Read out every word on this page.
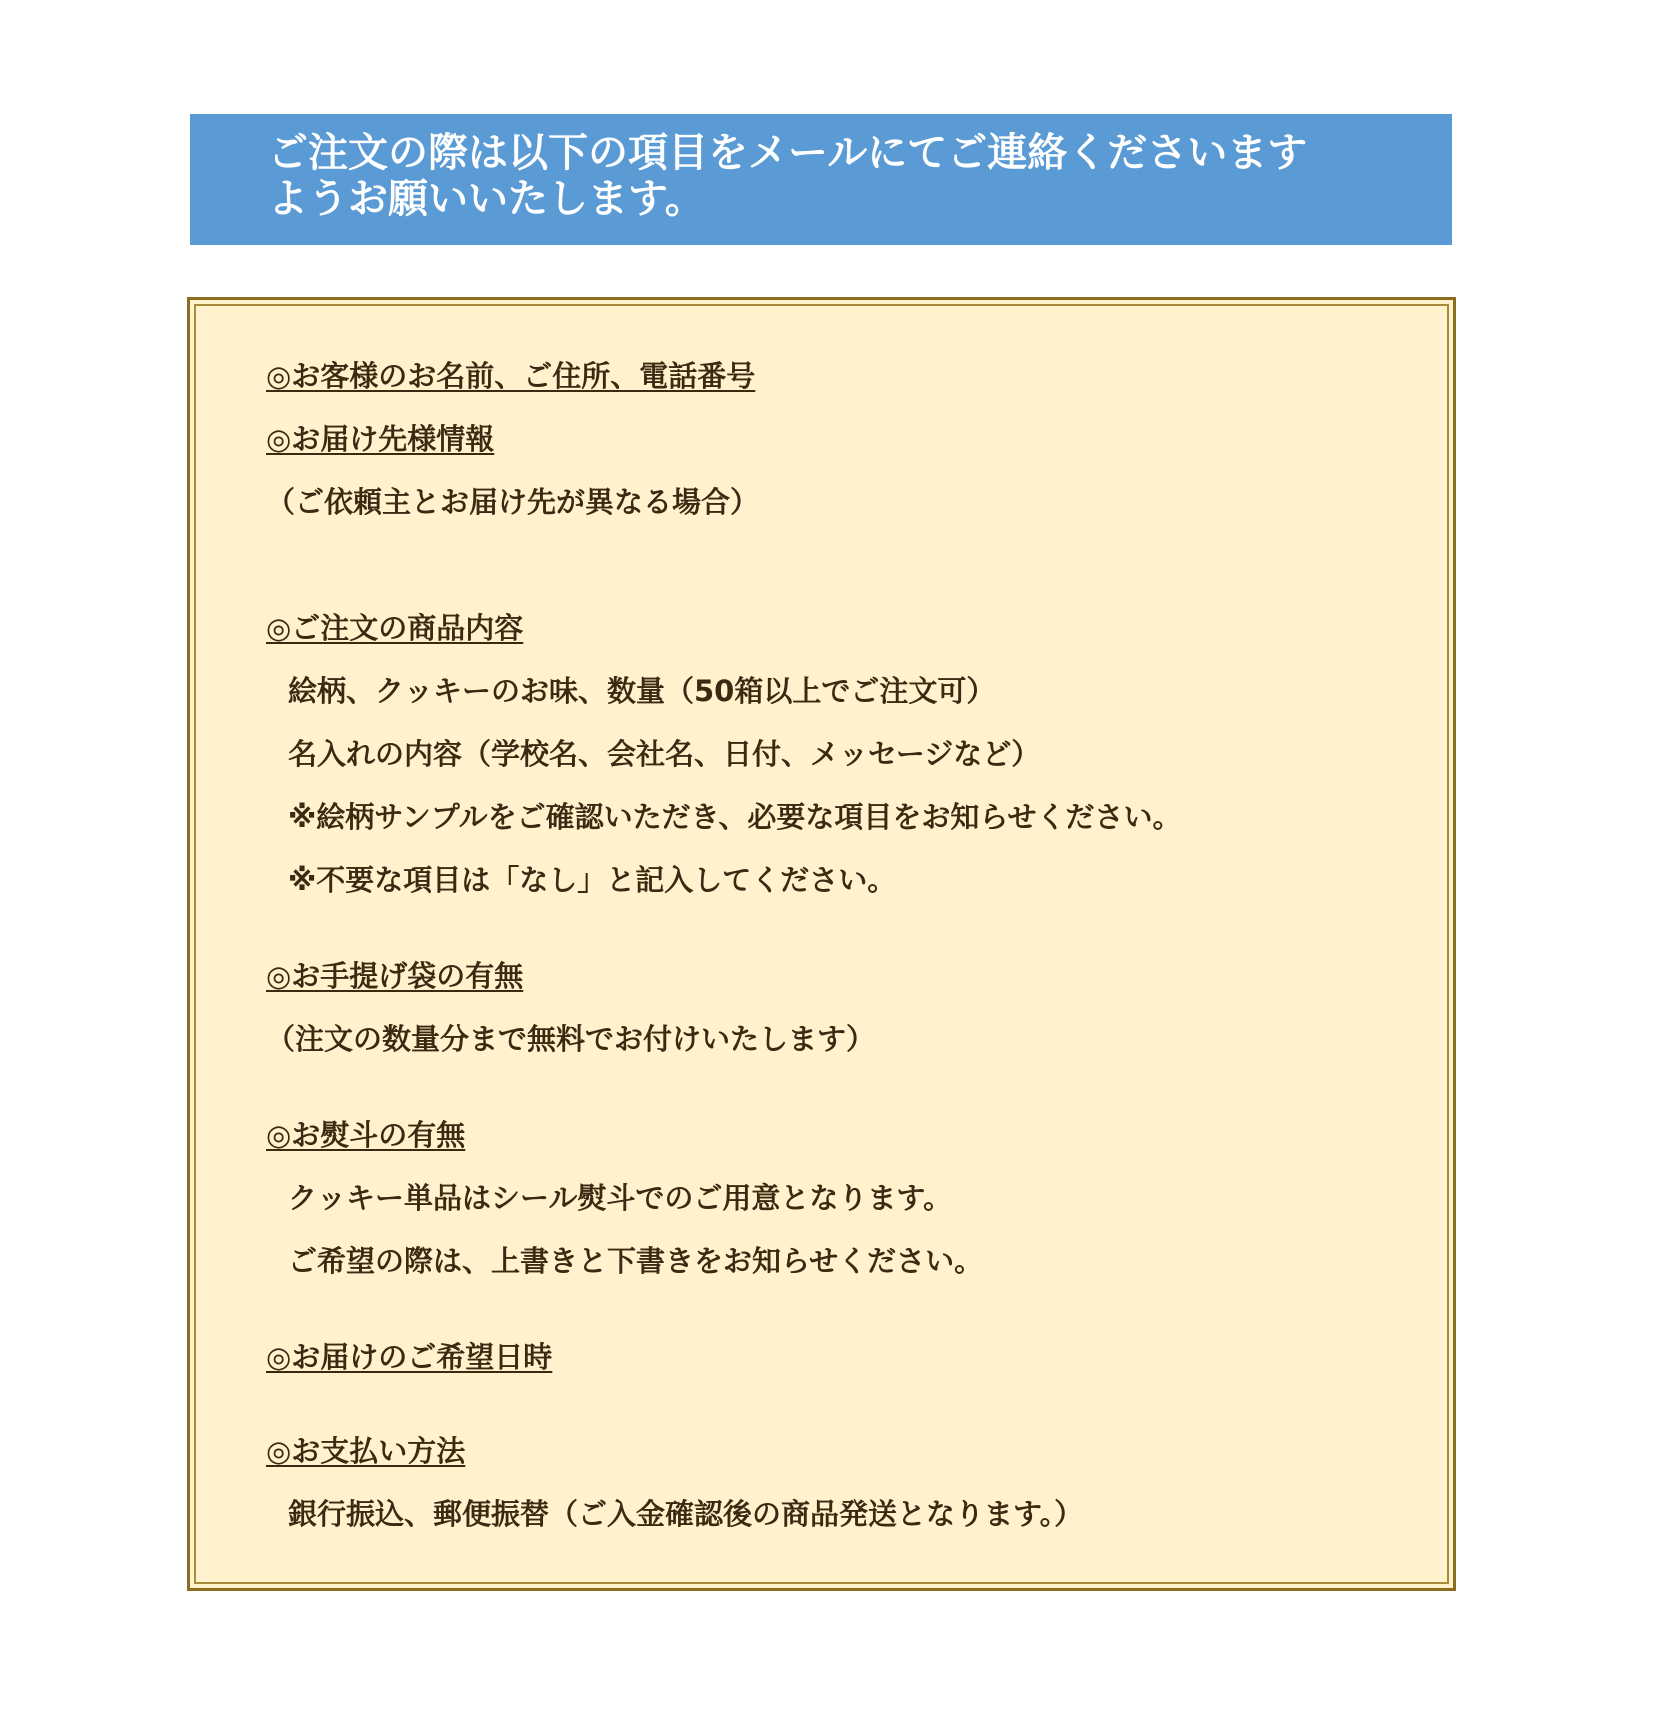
ご注文の際は以下の項目をメールにてご連絡くださいます
ようお願いいたします。
◎お客様のお名前、ご住所、電話番号
◎お届け先様情報
（ご依頼主とお届け先が異なる場合）
◎ご注文の商品内容
絵柄、クッキーのお味、数量（50箱以上でご注文可）
名入れの内容（学校名、会社名、日付、メッセージなど）
※絵柄サンプルをご確認いただき、必要な項目をお知らせください。
※不要な項目は「なし」と記入してください。
◎お手提げ袋の有無
（注文の数量分まで無料でお付けいたします）
◎お熨斗の有無
クッキー単品はシール熨斗でのご用意となります。
ご希望の際は、上書きと下書きをお知らせください。
◎お届けのご希望日時
◎お支払い方法
銀行振込、郵便振替（ご入金確認後の商品発送となります。）
